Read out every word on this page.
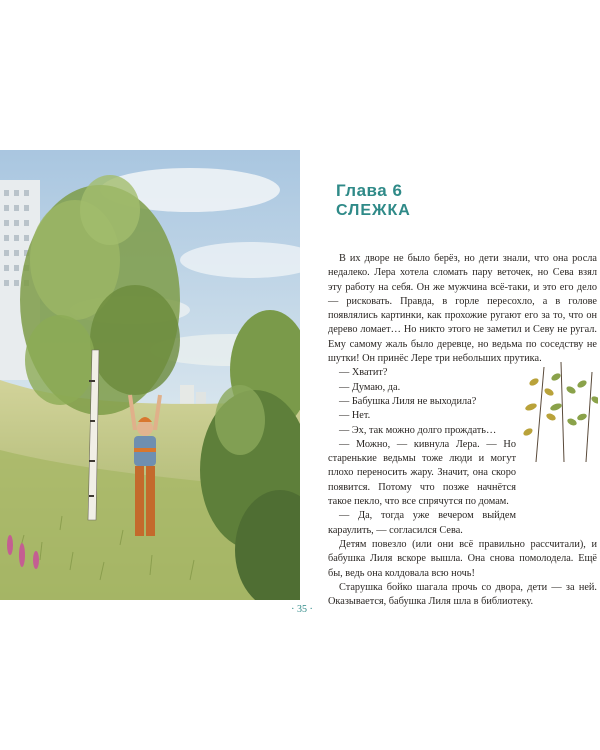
Глава 6
СЛЕЖКА

В их дворе не было берёз, но дети знали, что она росла недалеко. Лера хотела сломать пару веточек, но Сева взял эту работу на себя. Он же мужчина всё-таки, и это его дело — рисковать. Правда, в горле пересохло, а в голове появлялись картинки, как прохожие ругают его за то, что он дерево ломает… Но никто этого не заметил и Севу не ругал. Ему самому жаль было деревце, но ведьма по соседству не шутки! Он принёс Лере три небольших прутика.

— Хватит?

— Думаю, да.

— Бабушка Лиля не выходила?

— Нет.

— Эх, так можно долго прождать…

— Можно, — кивнула Лера. — Но старенькие ведьмы тоже люди и могут плохо переносить жару. Значит, она скоро появится. Потому что позже начнётся такое пекло, что все спрячутся по домам.

— Да, тогда уже вечером выйдем караулить, — согласился Сева.

Детям повезло (или они всё правильно рассчитали), и бабушка Лиля вскоре вышла. Она снова помолодела. Ещё бы, ведь она колдовала всю ночь!

Старушка бойко шагала прочь со двора, дети — за ней. Оказывается, бабушка Лиля шла в библиотеку.

· 35 ·
